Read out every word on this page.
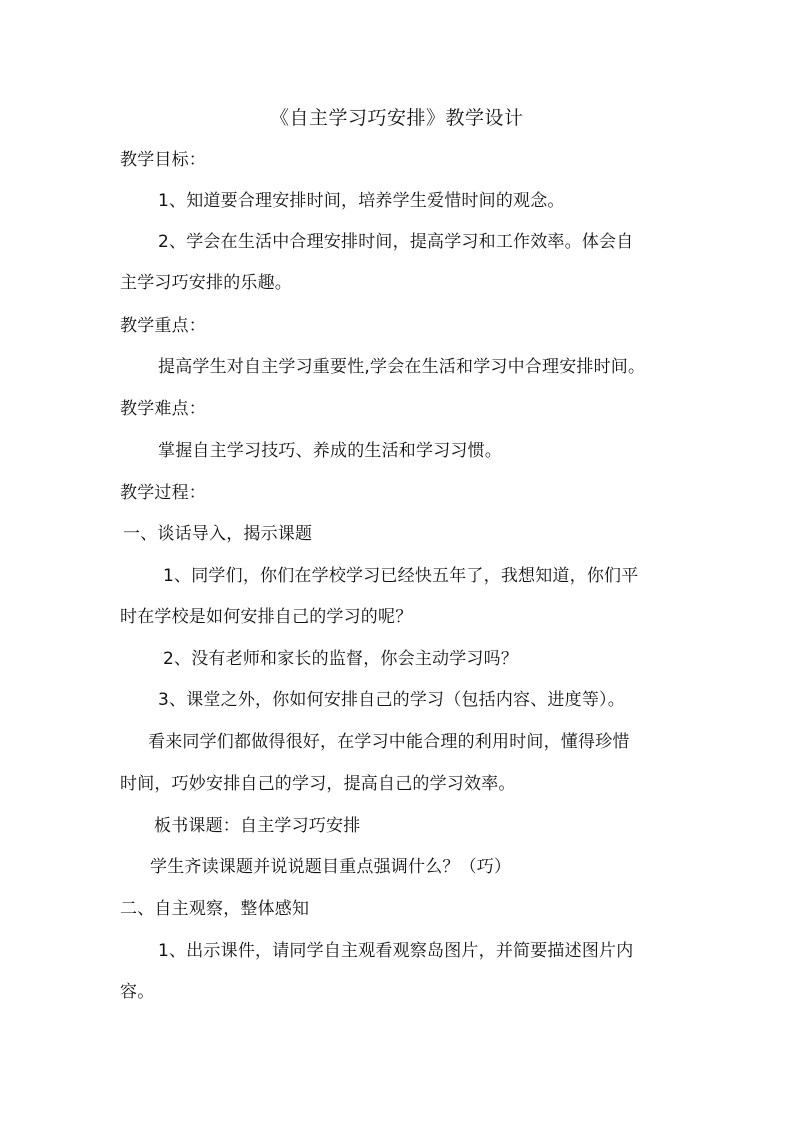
《自主学习巧安排》教学设计
教学目标：
1、知道要合理安排时间，培养学生爱惜时间的观念。
2、学会在生活中合理安排时间，提高学习和工作效率。体会自
主学习巧安排的乐趣。
教学重点：
提高学生对自主学习重要性,学会在生活和学习中合理安排时间。
教学难点：
掌握自主学习技巧、养成的生活和学习习惯。
教学过程：
一、谈话导入，揭示课题
1、同学们，你们在学校学习已经快五年了，我想知道，你们平
时在学校是如何安排自己的学习的呢？
2、没有老师和家长的监督，你会主动学习吗？
3、课堂之外，你如何安排自己的学习（包括内容、进度等）。
看来同学们都做得很好，在学习中能合理的利用时间，懂得珍惜
时间，巧妙安排自己的学习，提高自己的学习效率。
板书课题：自主学习巧安排
学生齐读课题并说说题目重点强调什么？（巧）
二、自主观察，整体感知
1、出示课件，请同学自主观看观察岛图片，并简要描述图片内
容。
